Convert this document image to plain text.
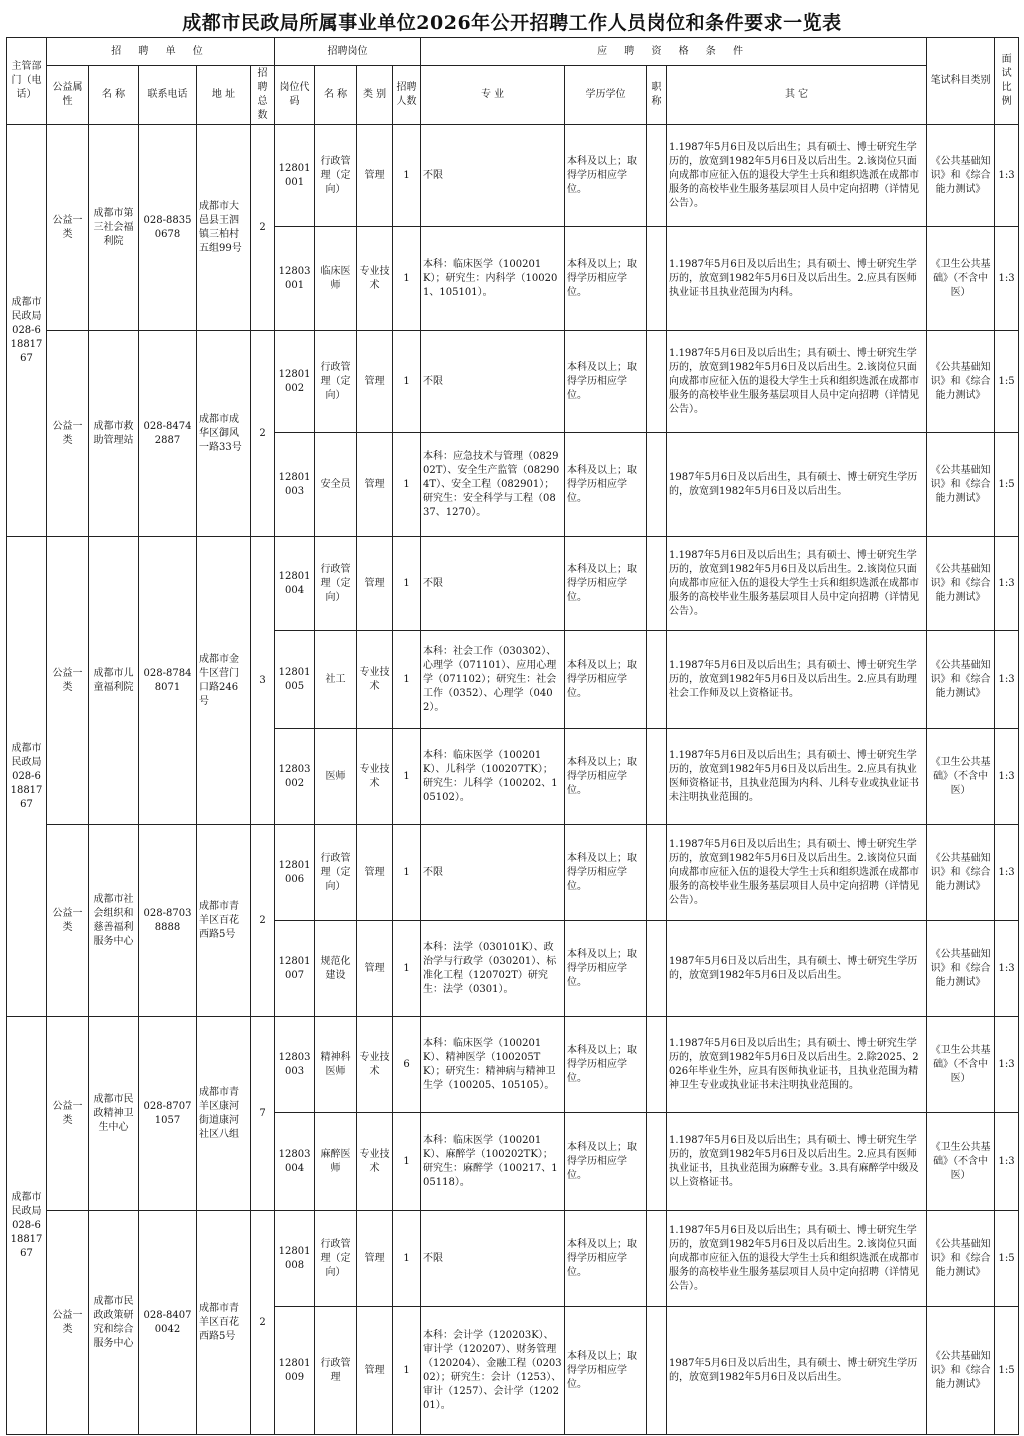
成都市民政局所属事业单位2026年公开招聘工作人员岗位和条件要求一览表
主管部门（电话）	招 聘 单 位					招聘岗位				应 聘 资 格 条 件				笔试科目类别	面试比例
	公益属性	名 称	联系电话	地 址	招聘总数	岗位代码	名 称	类 别	招聘人数	专 业	学历学位	职称	其 它		
成都市民政局028-61881767	公益一类	成都市第三社会福利院	028-88350678	成都市大邑县王泗镇三柏村五组99号	2	12801001	行政管理（定向）	管理	1	不限	本科及以上；取得学历相应学位。		1.1987年5月6日及以后出生；具有硕士、博士研究生学历的，放宽到1982年5月6日及以后出生。2.该岗位只面向成都市应征入伍的退役大学生士兵和组织选派在成都市服务的高校毕业生服务基层项目人员中定向招聘（详情见公告）。	《公共基础知识》和《综合能力测试》	1:3
						12803001	临床医师	专业技术	1	本科：临床医学（100201K）；研究生：内科学（100201、105101）。	本科及以上；取得学历相应学位。		1.1987年5月6日及以后出生；具有硕士、博士研究生学历的，放宽到1982年5月6日及以后出生。2.应具有医师执业证书且执业范围为内科。	《卫生公共基础》（不含中医）	1:3
	公益一类	成都市救助管理站	028-84742887	成都市成华区御风一路33号	2	12801002	行政管理（定向）	管理	1	不限	本科及以上；取得学历相应学位。		1.1987年5月6日及以后出生；具有硕士、博士研究生学历的，放宽到1982年5月6日及以后出生。2.该岗位只面向成都市应征入伍的退役大学生士兵和组织选派在成都市服务的高校毕业生服务基层项目人员中定向招聘（详情见公告）。	《公共基础知识》和《综合能力测试》	1:5
						12801003	安全员	管理	1	本科：应急技术与管理（082902T）、安全生产监管（082904T）、安全工程（082901）；研究生：安全科学与工程（0837、1270）。	本科及以上；取得学历相应学位。		1987年5月6日及以后出生，具有硕士、博士研究生学历的，放宽到1982年5月6日及以后出生。	《公共基础知识》和《综合能力测试》	1:5
成都市民政局028-61881767	公益一类	成都市儿童福利院	028-87848071	成都市金牛区营门口路246号	3	12801004	行政管理（定向）	管理	1	不限	本科及以上；取得学历相应学位。		1.1987年5月6日及以后出生；具有硕士、博士研究生学历的，放宽到1982年5月6日及以后出生。2.该岗位只面向成都市应征入伍的退役大学生士兵和组织选派在成都市服务的高校毕业生服务基层项目人员中定向招聘（详情见公告）。	《公共基础知识》和《综合能力测试》	1:3
						12801005	社工	专业技术	1	本科：社会工作（030302）、心理学（071101）、应用心理学（071102）；研究生：社会工作（0352）、心理学（0402）。	本科及以上；取得学历相应学位。		1.1987年5月6日及以后出生；具有硕士、博士研究生学历的，放宽到1982年5月6日及以后出生。2.应具有助理社会工作师及以上资格证书。	《公共基础知识》和《综合能力测试》	1:3
						12803002	医师	专业技术	1	本科：临床医学（100201K）、儿科学（100207TK）；研究生：儿科学（100202、105102）。	本科及以上；取得学历相应学位。		1.1987年5月6日及以后出生；具有硕士、博士研究生学历的，放宽到1982年5月6日及以后出生。2.应具有执业医师资格证书，且执业范围为内科、儿科专业或执业证书未注明执业范围的。	《卫生公共基础》（不含中医）	1:3
	公益一类	成都市社会组织和慈善福利服务中心	028-87038888	成都市青羊区百花西路5号	2	12801006	行政管理（定向）	管理	1	不限	本科及以上；取得学历相应学位。		1.1987年5月6日及以后出生；具有硕士、博士研究生学历的，放宽到1982年5月6日及以后出生。2.该岗位只面向成都市应征入伍的退役大学生士兵和组织选派在成都市服务的高校毕业生服务基层项目人员中定向招聘（详情见公告）。	《公共基础知识》和《综合能力测试》	1:3
						12801007	规范化建设	管理	1	本科：法学（030101K）、政治学与行政学（030201）、标准化工程（120702T）研究生：法学（0301）。	本科及以上；取得学历相应学位。		1987年5月6日及以后出生，具有硕士、博士研究生学历的，放宽到1982年5月6日及以后出生。	《公共基础知识》和《综合能力测试》	1:3
成都市民政局028-61881767	公益一类	成都市民政精神卫生中心	028-87071057	成都市青羊区康河街道康河社区八组	7	12803003	精神科医师	专业技术	6	本科：临床医学（100201K）、精神医学（100205TK）；研究生：精神病与精神卫生学（100205、105105）。	本科及以上；取得学历相应学位。		1.1987年5月6日及以后出生；具有硕士、博士研究生学历的，放宽到1982年5月6日及以后出生。2.除2025、2026年毕业生外，应具有医师执业证书，且执业范围为精神卫生专业或执业证书未注明执业范围的。	《卫生公共基础》（不含中医）	1:3
						12803004	麻醉医师	专业技术	1	本科：临床医学（100201K）、麻醉学（100202TK）；研究生：麻醉学（100217、105118）。	本科及以上；取得学历相应学位。		1.1987年5月6日及以后出生；具有硕士、博士研究生学历的，放宽到1982年5月6日及以后出生。2.应具有医师执业证书，且执业范围为麻醉专业。3.具有麻醉学中级及以上资格证书。	《卫生公共基础》（不含中医）	1:3
	公益一类	成都市民政政策研究和综合服务中心	028-84070042	成都市青羊区百花西路5号	2	12801008	行政管理（定向）	管理	1	不限	本科及以上；取得学历相应学位。		1.1987年5月6日及以后出生；具有硕士、博士研究生学历的，放宽到1982年5月6日及以后出生。2.该岗位只面向成都市应征入伍的退役大学生士兵和组织选派在成都市服务的高校毕业生服务基层项目人员中定向招聘（详情见公告）。	《公共基础知识》和《综合能力测试》	1:5
						12801009	行政管理	管理	1	本科：会计学（120203K）、审计学（120207）、财务管理（120204）、金融工程（020302）；研究生：会计（1253）、审计（1257）、会计学（120201）。	本科及以上；取得学历相应学位。		1987年5月6日及以后出生，具有硕士、博士研究生学历的，放宽到1982年5月6日及以后出生。	《公共基础知识》和《综合能力测试》	1:5
